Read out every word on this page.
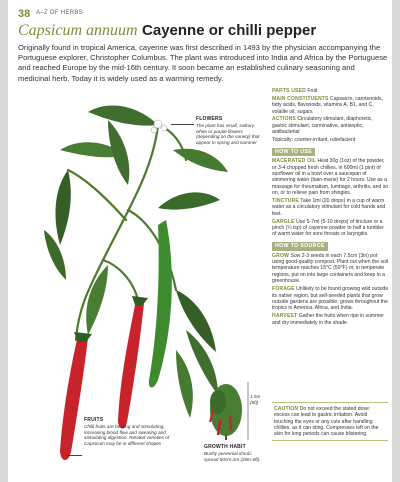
38 A–Z OF HERBS
Capsicum annuum Cayenne or chilli pepper

Originally found in tropical America, cayenne was first described in 1493 by the physician accompanying the Portuguese explorer, Christopher Columbus. The plant was introduced into India and Africa by the Portuguese and reached Europe by the mid-16th century. It soon became an established culinary seasoning and medicinal herb. Today it is widely used as a warming remedy.

FLOWERS
The plant has small, solitary, white or purple flowers (depending on the variety) that appear in spring and summer
FRUITS
Chilli fruits are heating and stimulating, increasing blood flow and sweating and stimulating digestion. Related varieties of Capsicum may be in different shapes
GROWTH HABIT
Bushy perennial shrub; spread 50cm-2m (20in-6ft).
1.5m (5ft)

PARTS USED Fruit

MAIN CONSTITUENTS Capsaicin, carotenoids, fatty acids, flavonoids, vitamins A, B1, and C, volatile oil, sugars

ACTIONS Circulatory stimulant, diaphoretic, gastric stimulant, carminative, antiseptic, antibacterial

Topically: counter-irritant, rubefacient

HOW TO USE

MACERATED OIL Heat 30g (1oz) of the powder, or 3-4 chopped fresh chillies, in 600ml (1 pint) of sunflower oil in a bowl over a saucepan of simmering water (bain-marie) for 2 hours. Use as a massage for rheumatism, lumbago, arthritis, and so on, or to relieve pain from shingles.

TINCTURE Take 1ml (20 drops) in a cup of warm water as a circulatory stimulant for cold hands and feet.

GARGLE Use 5-7ml (5-10 drops) of tincture or a pinch (¼ tsp) of cayenne powder to half a tumbler of warm water for sore throats or laryngitis.

HOW TO SOURCE

GROW Sow 2-3 seeds in each 7.5cm (3in) pot using good-quality compost. Plant out when the soil temperature reaches 15°C (59°F) or, in temperate regions, put on into large containers and keep in a greenhouse.

FORAGE Unlikely to be found growing wild outside its native region, but self-seeded plants that grow outside gardens are possible; grows throughout the tropics in America, Africa, and India.

HARVEST Gather the fruits when ripe in summer and dry immediately in the shade.

CAUTION Do not exceed the stated dose: excess can lead to gastric irritation. Avoid touching the eyes or any cuts after handling chillies, as it can sting. Compresses left on the skin for long periods can cause blistering.
